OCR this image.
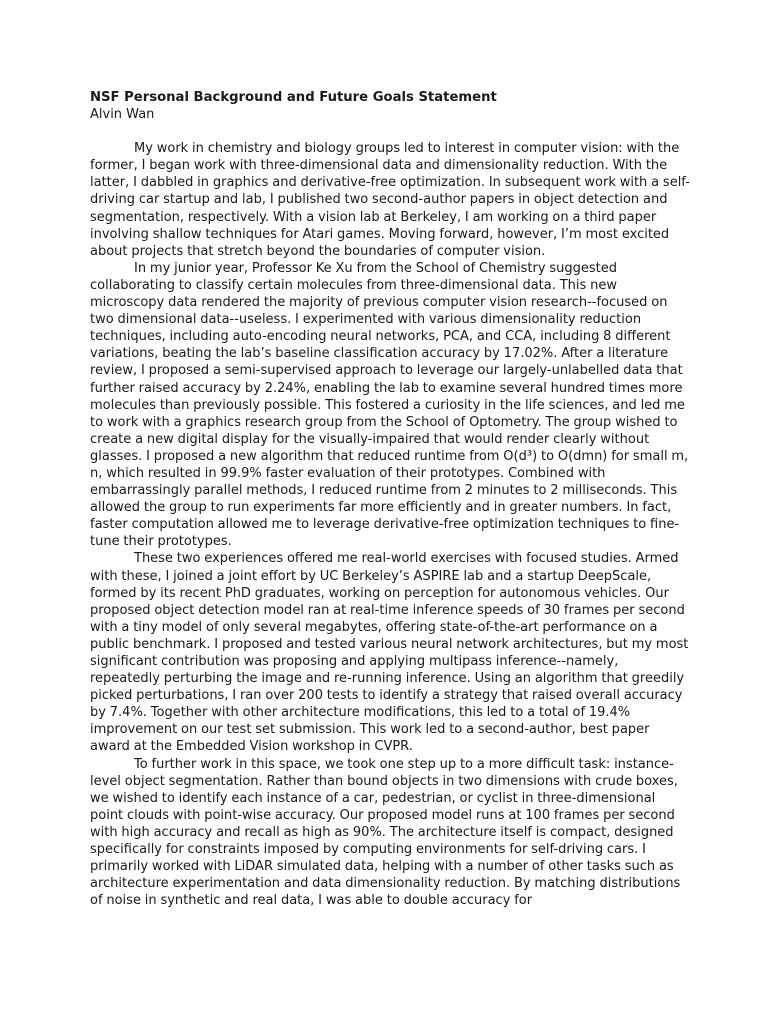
NSF Personal Background and Future Goals Statement

Alvin Wan

My work in chemistry and biology groups led to interest in computer vision: with the former, I began work with three-dimensional data and dimensionality reduction. With the latter, I dabbled in graphics and derivative-free optimization. In subsequent work with a self-driving car startup and lab, I published two second-author papers in object detection and segmentation, respectively. With a vision lab at Berkeley, I am working on a third paper involving shallow techniques for Atari games. Moving forward, however, I’m most excited about projects that stretch beyond the boundaries of computer vision.

In my junior year, Professor Ke Xu from the School of Chemistry suggested collaborating to classify certain molecules from three-dimensional data. This new microscopy data rendered the majority of previous computer vision research--focused on two dimensional data--useless. I experimented with various dimensionality reduction techniques, including auto-encoding neural networks, PCA, and CCA, including 8 different variations, beating the lab’s baseline classification accuracy by 17.02%. After a literature review, I proposed a semi-supervised approach to leverage our largely-unlabelled data that further raised accuracy by 2.24%, enabling the lab to examine several hundred times more molecules than previously possible. This fostered a curiosity in the life sciences, and led me to work with a graphics research group from the School of Optometry. The group wished to create a new digital display for the visually-impaired that would render clearly without glasses. I proposed a new algorithm that reduced runtime from O(d³) to O(dmn) for small m, n, which resulted in 99.9% faster evaluation of their prototypes. Combined with embarrassingly parallel methods, I reduced runtime from 2 minutes to 2 milliseconds. This allowed the group to run experiments far more efficiently and in greater numbers. In fact, faster computation allowed me to leverage derivative-free optimization techniques to fine-tune their prototypes.

These two experiences offered me real-world exercises with focused studies. Armed with these, I joined a joint effort by UC Berkeley’s ASPIRE lab and a startup DeepScale, formed by its recent PhD graduates, working on perception for autonomous vehicles. Our proposed object detection model ran at real-time inference speeds of 30 frames per second with a tiny model of only several megabytes, offering state-of-the-art performance on a public benchmark. I proposed and tested various neural network architectures, but my most significant contribution was proposing and applying multipass inference--namely, repeatedly perturbing the image and re-running inference. Using an algorithm that greedily picked perturbations, I ran over 200 tests to identify a strategy that raised overall accuracy by 7.4%. Together with other architecture modifications, this led to a total of 19.4% improvement on our test set submission. This work led to a second-author, best paper award at the Embedded Vision workshop in CVPR.

To further work in this space, we took one step up to a more difficult task: instance-level object segmentation. Rather than bound objects in two dimensions with crude boxes, we wished to identify each instance of a car, pedestrian, or cyclist in three-dimensional point clouds with point-wise accuracy. Our proposed model runs at 100 frames per second with high accuracy and recall as high as 90%. The architecture itself is compact, designed specifically for constraints imposed by computing environments for self-driving cars. I primarily worked with LiDAR simulated data, helping with a number of other tasks such as architecture experimentation and data dimensionality reduction. By matching distributions of noise in synthetic and real data, I was able to double accuracy for
